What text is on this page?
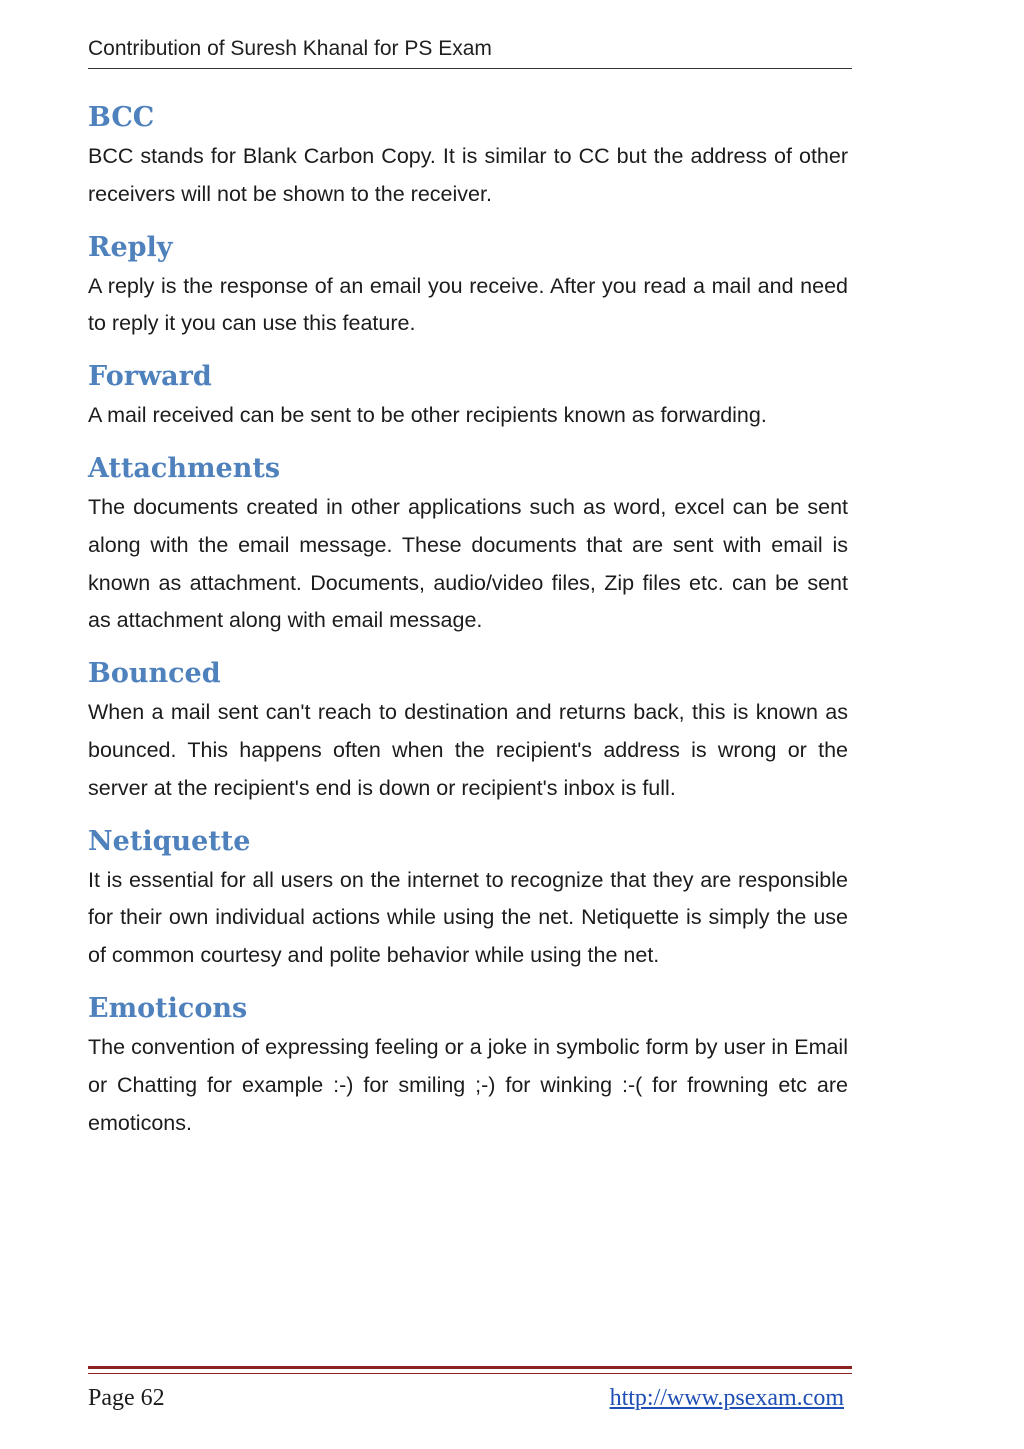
Contribution of Suresh Khanal for PS Exam
BCC

BCC stands for Blank Carbon Copy. It is similar to CC but the address of other receivers will not be shown to the receiver.

Reply

A reply is the response of an email you receive. After you read a mail and need to reply it you can use this feature.

Forward

A mail received can be sent to be other recipients known as forwarding.

Attachments

The documents created in other applications such as word, excel can be sent along with the email message. These documents that are sent with email is known as attachment. Documents, audio/video files, Zip files etc. can be sent as attachment along with email message.

Bounced

When a mail sent can't reach to destination and returns back, this is known as bounced. This happens often when the recipient's address is wrong or the server at the recipient's end is down or recipient's inbox is full.

Netiquette

It is essential for all users on the internet to recognize that they are responsible for their own individual actions while using the net. Netiquette is simply the use of common courtesy and polite behavior while using the net.

Emoticons

The convention of expressing feeling or a joke in symbolic form by user in Email or Chatting for example :-) for smiling ;-) for winking :-( for frowning etc are emoticons.

Page 62	http://www.psexam.com
